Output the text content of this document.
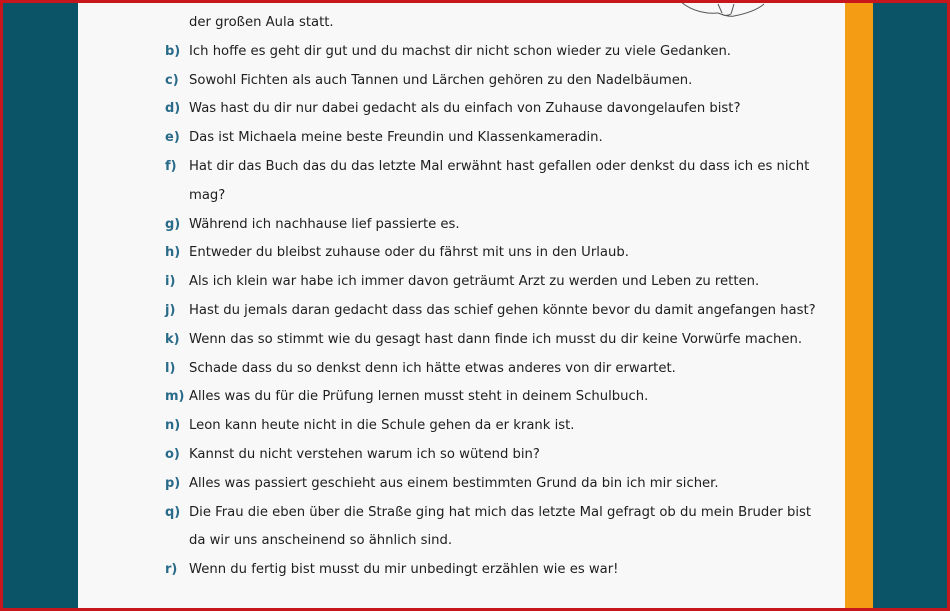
der großen Aula statt.
b) Ich hoffe es geht dir gut und du machst dir nicht schon wieder zu viele Gedanken.
c) Sowohl Fichten als auch Tannen und Lärchen gehören zu den Nadelbäumen.
d) Was hast du dir nur dabei gedacht als du einfach von Zuhause davongelaufen bist?
e) Das ist Michaela meine beste Freundin und Klassenkameradin.
f) Hat dir das Buch das du das letzte Mal erwähnt hast gefallen oder denkst du dass ich es nicht
mag?
g) Während ich nachhause lief passierte es.
h) Entweder du bleibst zuhause oder du fährst mit uns in den Urlaub.
i)	Als ich klein war habe ich immer davon geträumt Arzt zu werden und Leben zu retten.
j)	Hast du jemals daran gedacht dass das schief gehen könnte bevor du damit angefangen hast?
k) Wenn das so stimmt wie du gesagt hast dann finde ich musst du dir keine Vorwürfe machen.
l)	Schade dass du so denkst denn ich hätte etwas anderes von dir erwartet.
m) Alles was du für die Prüfung lernen musst steht in deinem Schulbuch.
n) Leon kann heute nicht in die Schule gehen da er krank ist.
o) Kannst du nicht verstehen warum ich so wütend bin?
p) Alles was passiert geschieht aus einem bestimmten Grund da bin ich mir sicher.
q) Die Frau die eben über die Straße ging hat mich das letzte Mal gefragt ob du mein Bruder bist
da wir uns anscheinend so ähnlich sind.
r) Wenn du fertig bist musst du mir unbedingt erzählen wie es war!
